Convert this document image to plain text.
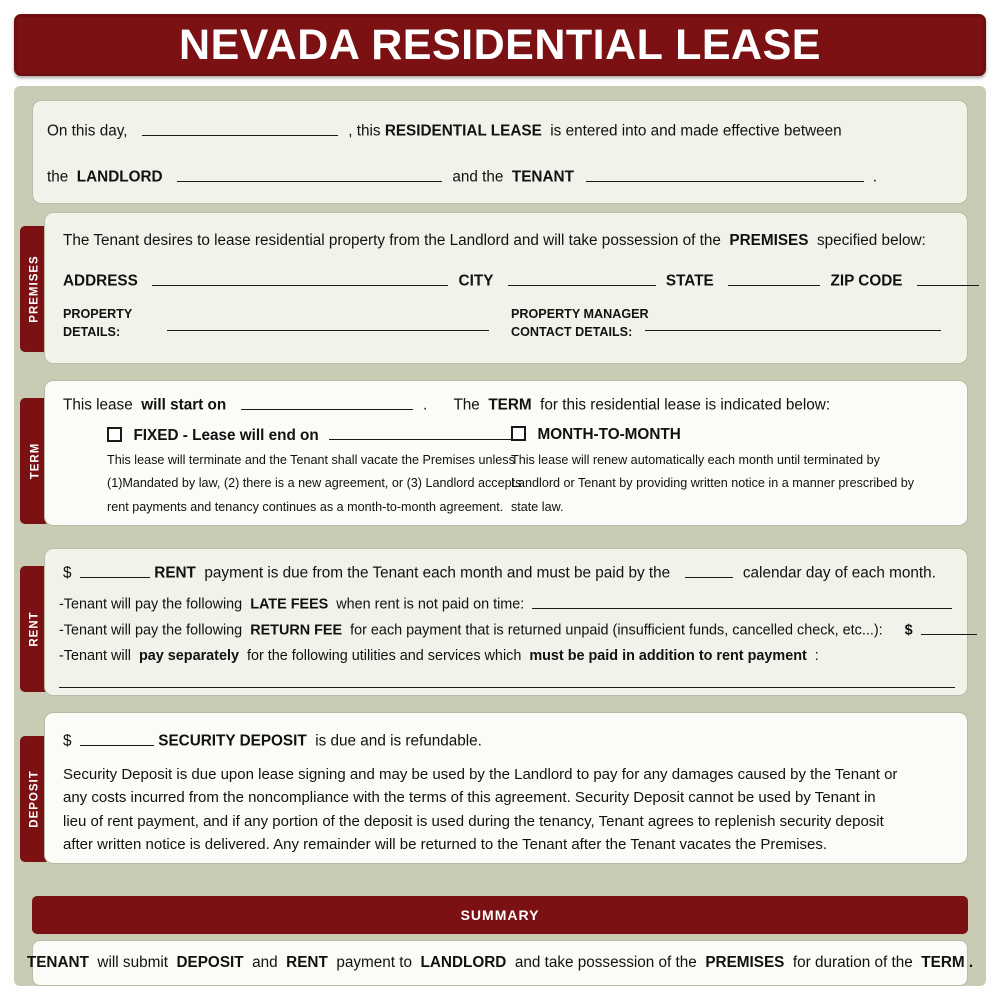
NEVADA RESIDENTIAL LEASE
On this day,	, this RESIDENTIAL LEASE  is entered into and made effective between
the  LANDLORD	and the  TENANT	.
PREMISES
The Tenant desires to lease residential property from the Landlord and will take possession of the  PREMISES  specified below:
ADDRESS	CITY	STATE	ZIP CODE
PROPERTY
DETAILS:
PROPERTY MANAGER
CONTACT DETAILS:
TERM
This lease  will start on	. The  TERM  for this residential lease is indicated below:
FIXED - Lease will end on
This lease will terminate and the Tenant shall vacate the Premises unless
(1)Mandated by law, (2) there is a new agreement, or (3) Landlord accepts
rent payments and tenancy continues as a month-to-month agreement.
MONTH-TO-MONTH
This lease will renew automatically each month until terminated by
Landlord or Tenant by providing written notice in a manner prescribed by
state law.
RENT
$	RENT  payment is due from the Tenant each month and must be paid by the	calendar day of each month.
-Tenant will pay the following  LATE FEES  when rent is not paid on time:
-Tenant will pay the following  RETURN FEE  for each payment that is returned unpaid (insufficient funds, cancelled check, etc...):   $
-Tenant will  pay separately  for the following utilities and services which  must be paid in addition to rent payment  :
DEPOSIT
$	SECURITY DEPOSIT  is due and is refundable.
Security Deposit is due upon lease signing and may be used by the Landlord to pay for any damages caused by the Tenant or
any costs incurred from the noncompliance with the terms of this agreement. Security Deposit cannot be used by Tenant in
lieu of rent payment, and if any portion of the deposit is used during the tenancy, Tenant agrees to replenish security deposit
after written notice is delivered. Any remainder will be returned to the Tenant after the Tenant vacates the Premises.
SUMMARY
TENANT  will submit  DEPOSIT  and  RENT  payment to  LANDLORD  and take possession of the  PREMISES  for duration of the  TERM .
